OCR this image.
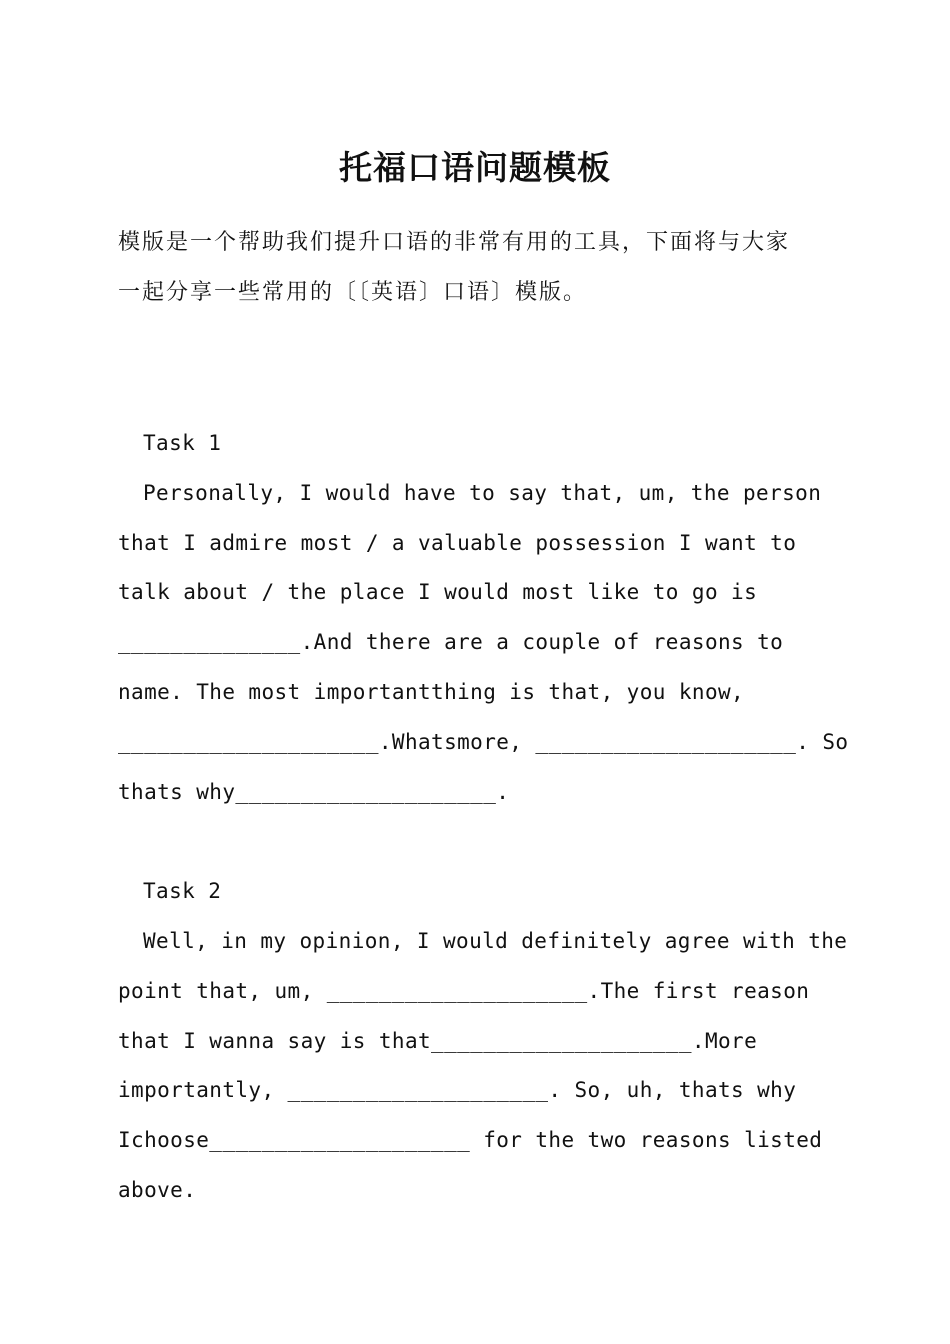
托福口语问题模板
模版是一个帮助我们提升口语的非常有用的工具，下面将与大家
一起分享一些常用的〔〔英语〕口语〕模版。
Task 1
Personally, I would have to say that, um, the person
that I admire most / a valuable possession I want to
talk about / the place I would most like to go is
______________.And there are a couple of reasons to
name. The most importantthing is that, you know,
____________________.Whatsmore, ____________________. So
thats why____________________.
Task 2
Well, in my opinion, I would definitely agree with the
point that, um, ____________________.The first reason
that I wanna say is that____________________.More
importantly, ____________________. So, uh, thats why
Ichoose____________________ for the two reasons listed
above.
